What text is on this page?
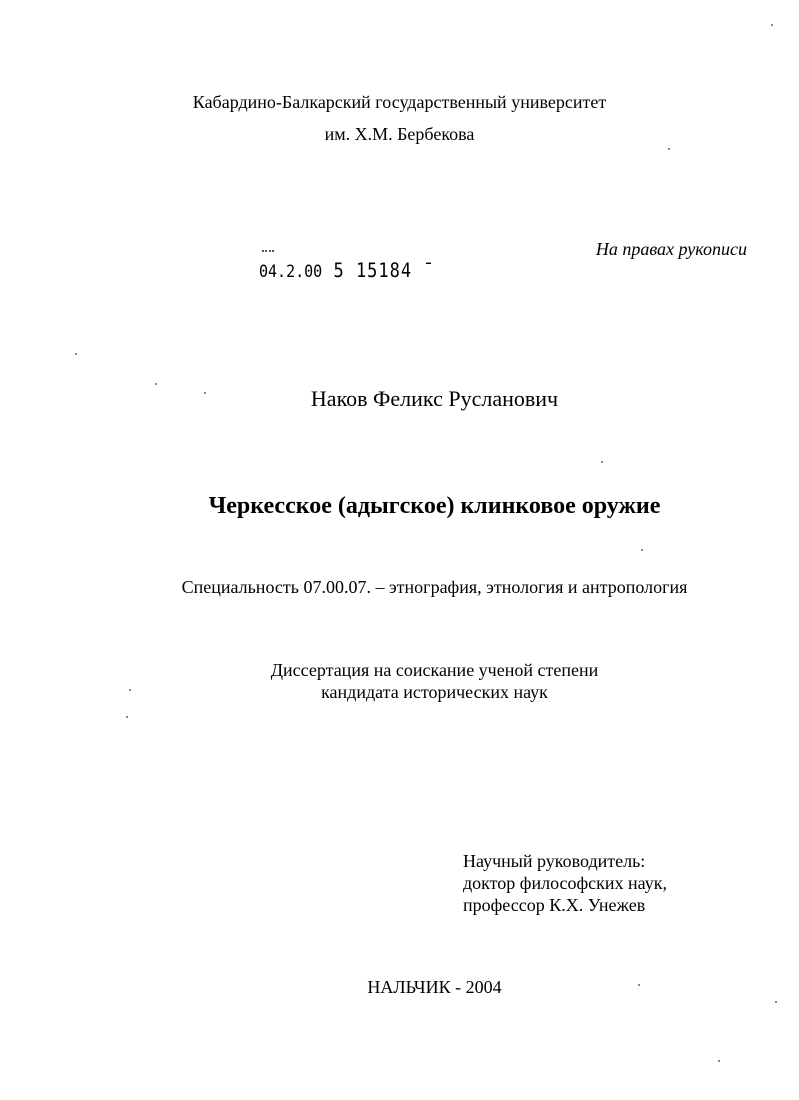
Кабардино-Балкарский государственный университет
им. Х.М. Бербекова
На правах рукописи
04.2.00 5 15184 ˉ
Наков Феликс Русланович
Черкесское (адыгское) клинковое оружие
Специальность 07.00.07. – этнография, этнология и антропология
Диссертация на соискание ученой степени
кандидата исторических наук
Научный руководитель:
доктор философских наук,
профессор К.Х. Унежев
НАЛЬЧИК - 2004
